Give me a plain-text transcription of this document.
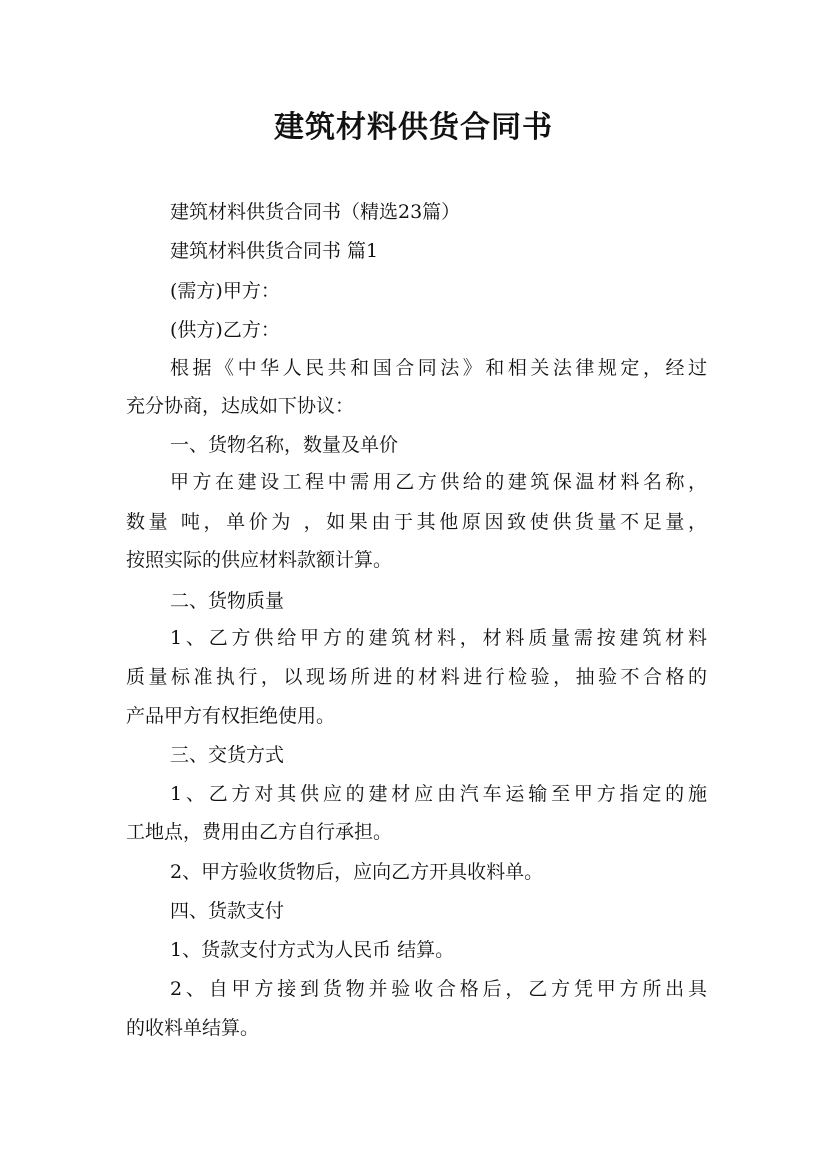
建筑材料供货合同书
建筑材料供货合同书（精选23篇）
建筑材料供货合同书 篇1
(需方)甲方：
(供方)乙方：
根据《中华人民共和国合同法》和相关法律规定，经过
充分协商，达成如下协议：
一、货物名称，数量及单价
甲方在建设工程中需用乙方供给的建筑保温材料名称，
数量 吨，单价为 ，如果由于其他原因致使供货量不足量，
按照实际的供应材料款额计算。
二、货物质量
1、乙方供给甲方的建筑材料，材料质量需按建筑材料
质量标准执行，以现场所进的材料进行检验，抽验不合格的
产品甲方有权拒绝使用。
三、交货方式
1、乙方对其供应的建材应由汽车运输至甲方指定的施
工地点，费用由乙方自行承担。
2、甲方验收货物后，应向乙方开具收料单。
四、货款支付
1、货款支付方式为人民币 结算。
2、自甲方接到货物并验收合格后，乙方凭甲方所出具
的收料单结算。
